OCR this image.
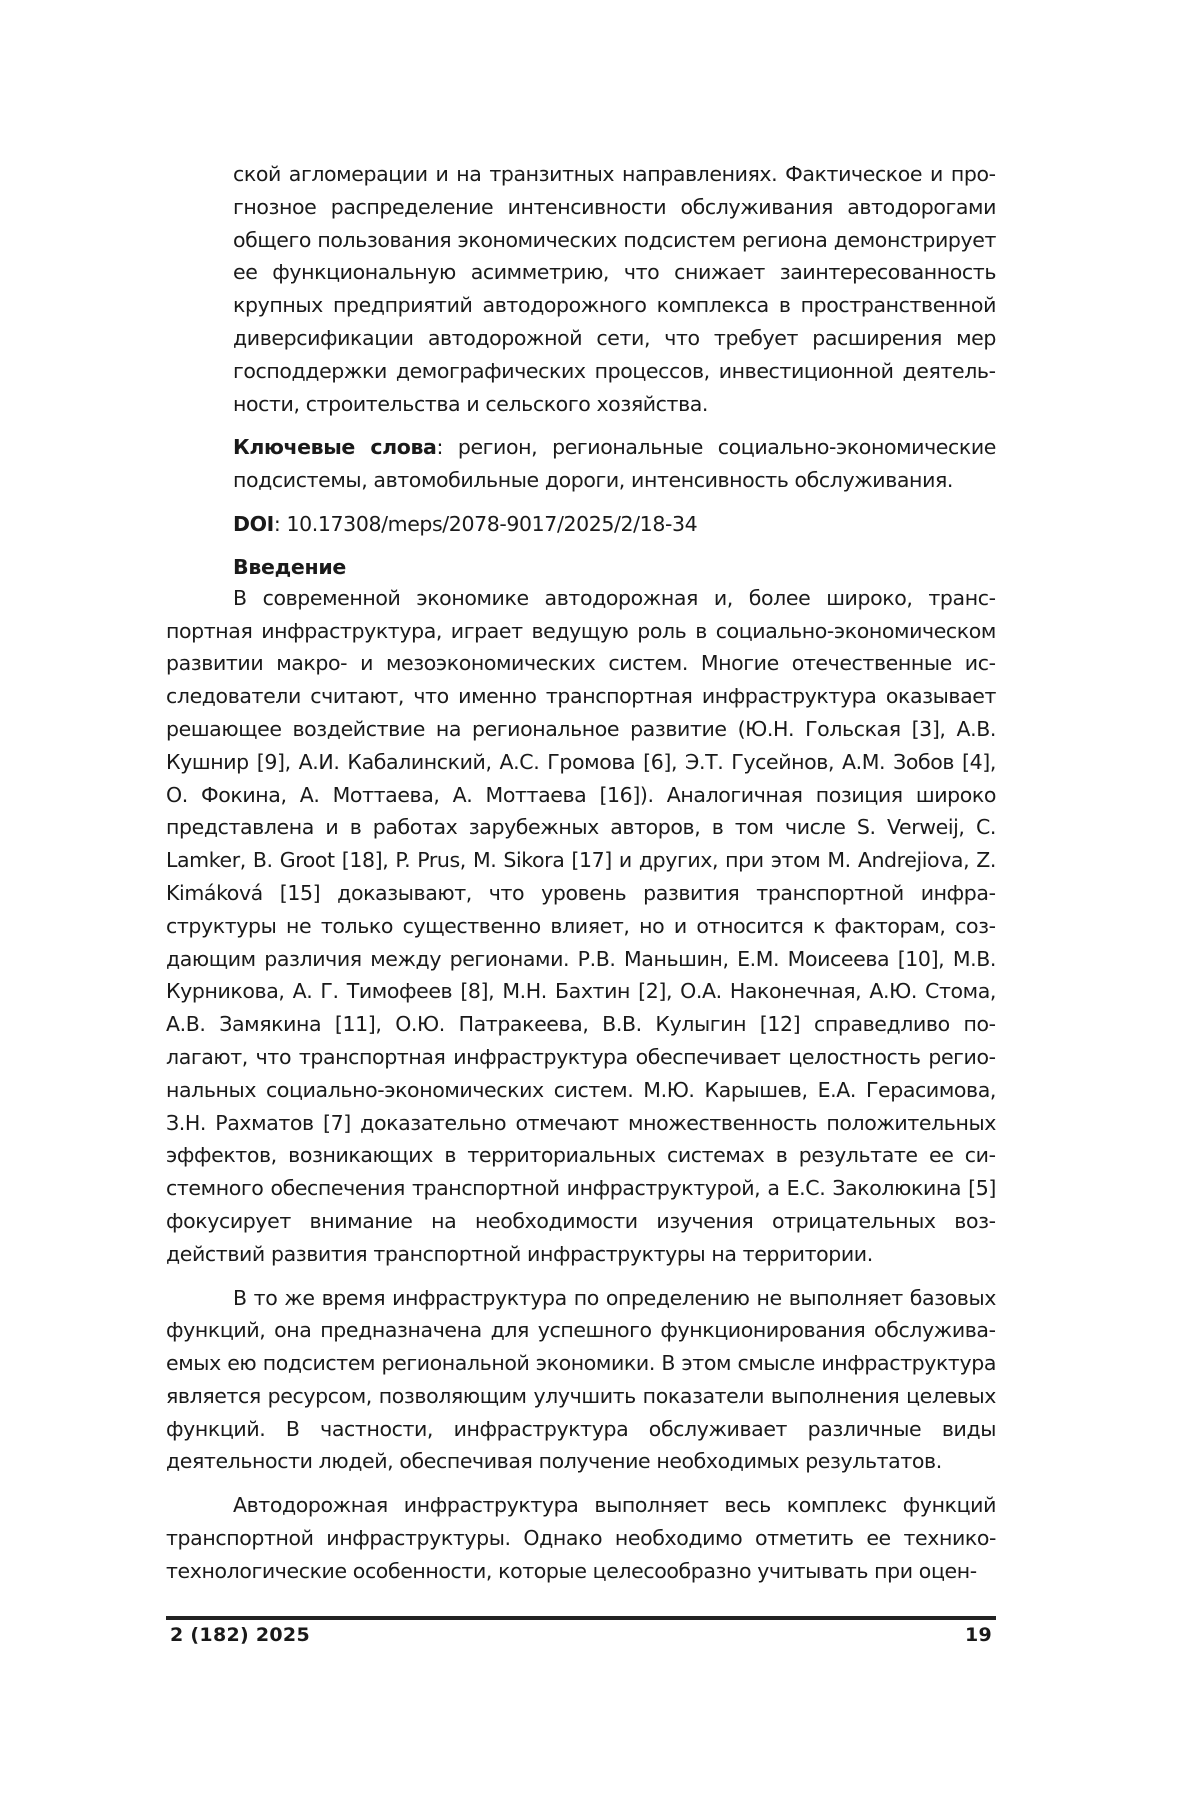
ской агломерации и на транзитных направлениях. Фактическое и про­гнозное распределение интенсивности обслуживания автодорогами общего пользования экономических подсистем региона демонстриру­ет ее функциональную асимметрию, что снижает заинтересованность крупных предприятий автодорожного комплекса в пространственной диверсификации автодорожной сети, что требует расширения мер господдержки демографических процессов, инвестиционной деятель­ности, строительства и сельского хозяйства.

Ключевые слова: регион, региональные социально-экономические подсистемы, автомобильные дороги, интенсивность обслуживания.

DOI: 10.17308/meps/2078-9017/2025/2/18-34

Введение

В современной экономике автодорожная и, более широко, транс­портная инфраструктура, играет ведущую роль в социально-экономическом развитии макро- и мезоэкономических систем. Многие отечественные ис­следователи считают, что именно транспортная инфраструктура оказывает решающее воздействие на региональное развитие (Ю.Н. Гольская [3], А.В. Кушнир [9], А.И. Кабалинский, А.С. Громова [6], Э.Т. Гусейнов, А.М. Зобов [4], О. Фокина, А. Моттаева, А. Моттаева [16]). Аналогичная позиция широко представлена и в работах зарубежных авторов, в том числе S. Verweij, C. Lamker, B. Groot [18], P. Prus, M. Sikora [17] и других, при этом M. Andrejiova, Z. Kimáková [15] доказывают, что уровень развития транспортной инфра­структуры не только существенно влияет, но и относится к факторам, соз­дающим различия между регионами. Р.В. Маньшин, Е.М. Моисеева [10], М.В. Курникова, А. Г. Тимофеев [8], М.Н. Бахтин [2], О.А. Наконечная, А.Ю. Сто­ма, А.В. Замякина [11], О.Ю. Патракеева, В.В. Кулыгин [12] справедливо по­лагают, что транспортная инфраструктура обеспечивает целостность регио­нальных социально-экономических систем. М.Ю. Карышев, Е.А. Герасимова, З.Н. Рахматов [7] доказательно отмечают множественность положительных эффектов, возникающих в территориальных системах в результате ее си­стемного обеспечения транспортной инфраструктурой, а Е.С. Заколюкина [5] фокусирует внимание на необходимости изучения отрицательных воз­действий развития транспортной инфраструктуры на территории.

В то же время инфраструктура по определению не выполняет базовых функций, она предназначена для успешного функционирования обслужива­емых ею подсистем региональной экономики. В этом смысле инфраструктура является ресурсом, позволяющим улучшить показатели выполнения целе­вых функций. В частности, инфраструктура обслуживает различные виды деятельности людей, обеспечивая получение необходимых результатов.

Автодорожная инфраструктура выполняет весь комплекс функций транспортной инфраструктуры. Однако необходимо отметить ее технико-технологические особенности, которые целесообразно учитывать при оцен-

2 (182) 2025	19
